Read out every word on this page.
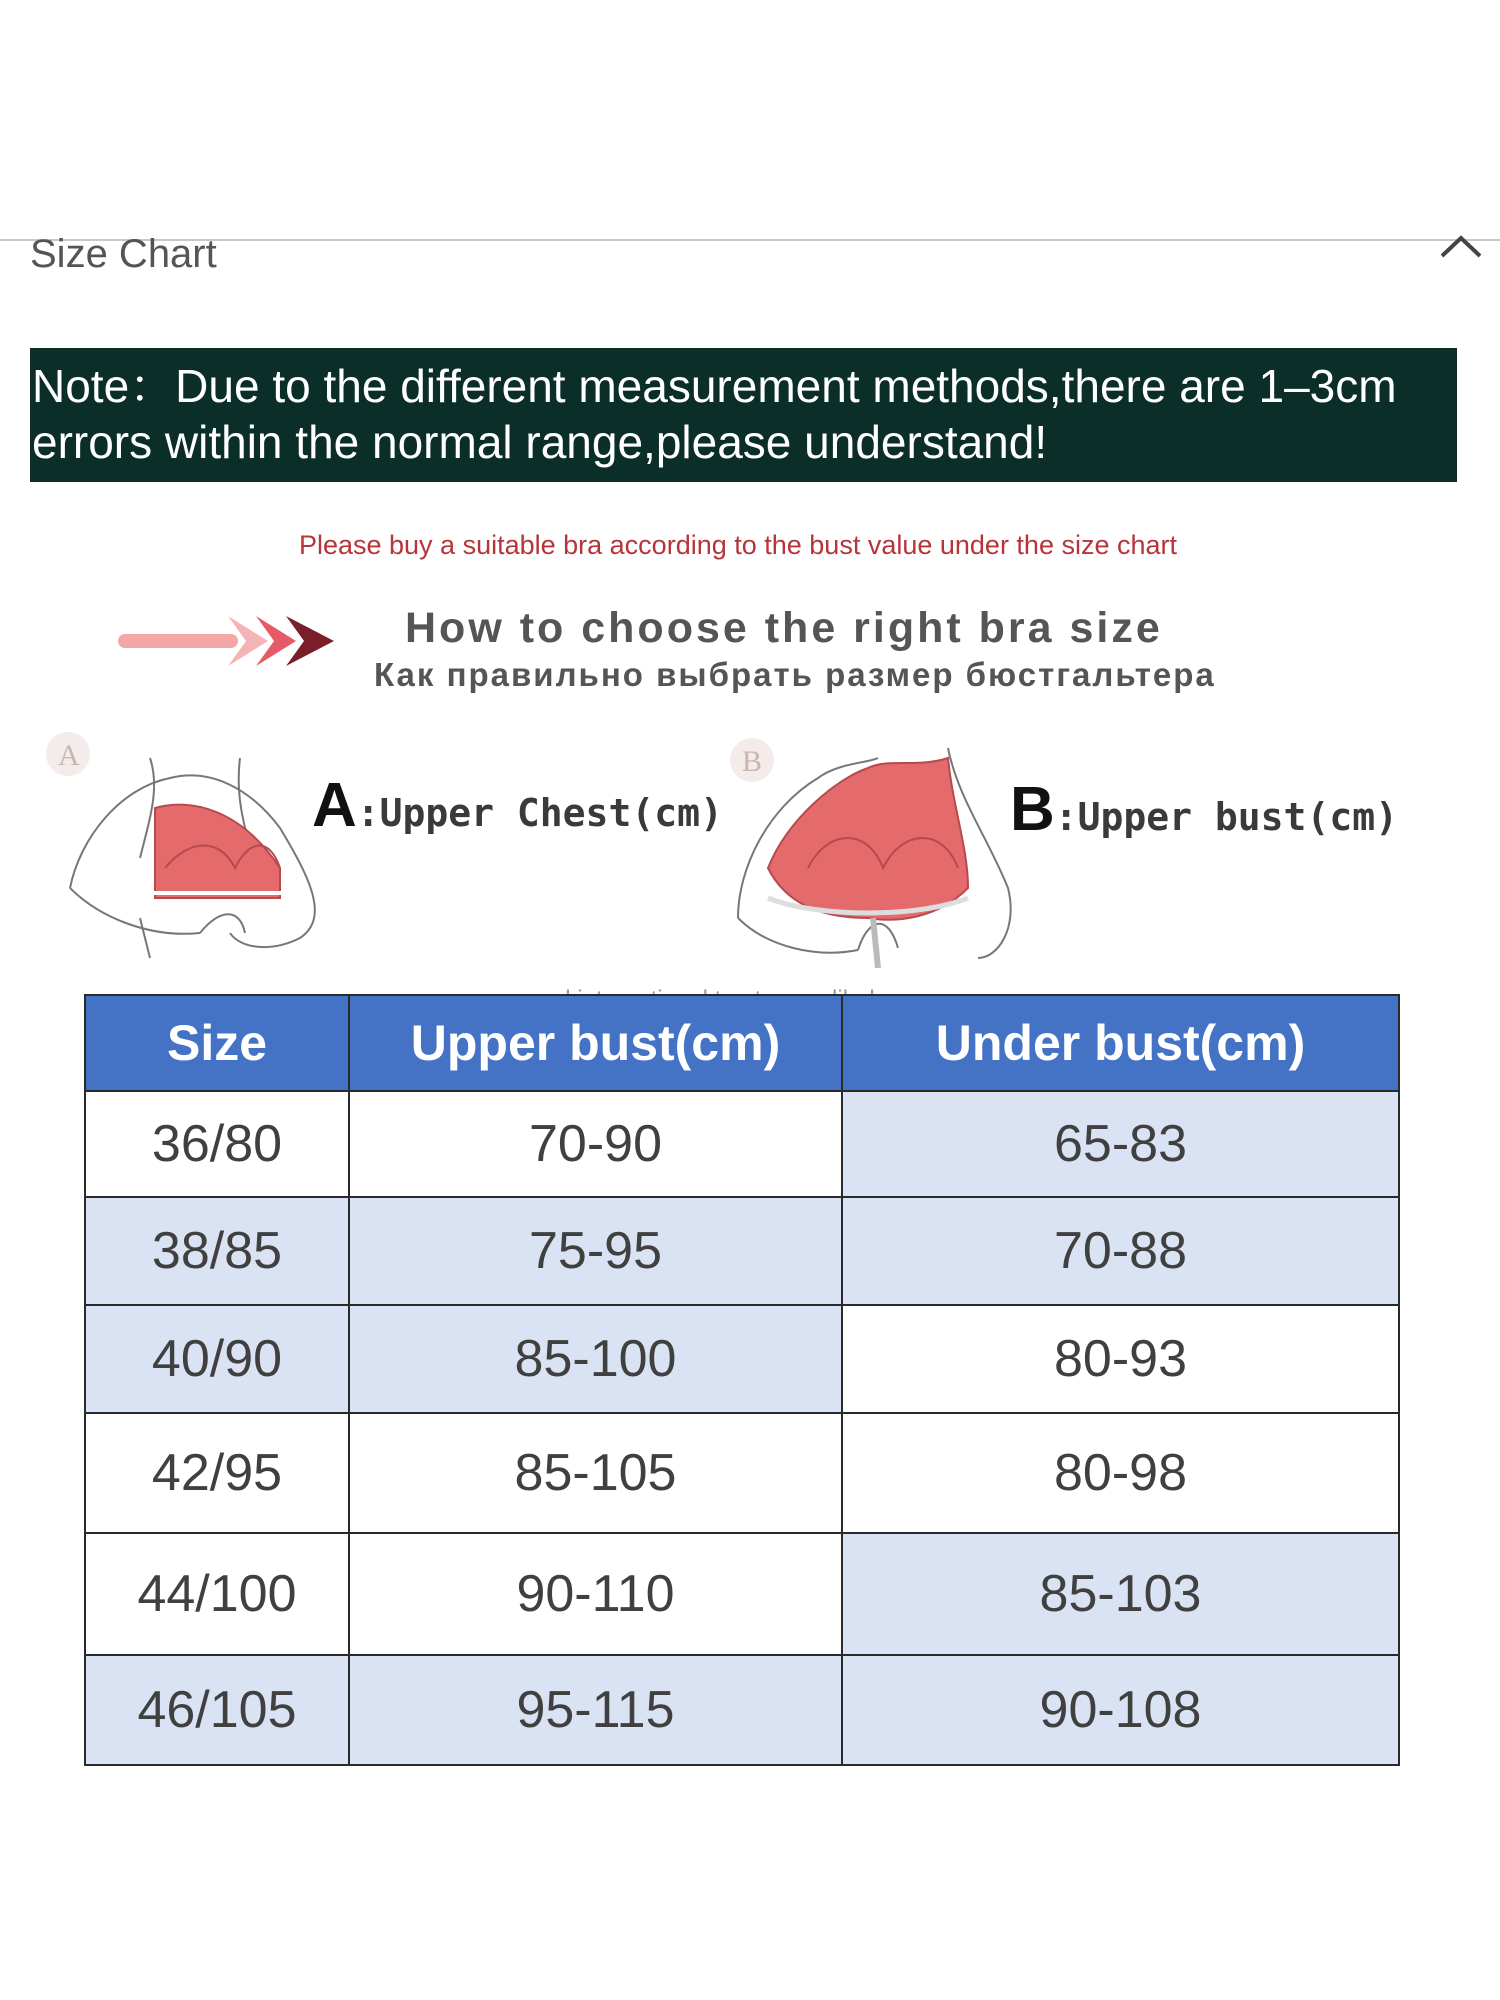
Size Chart
Note：Due to the different measurement methods,there are 1–3cm
errors within the normal range,please understand!
Please buy a suitable bra according to the bust value under the size chart
How to choose the right bra size
Как правильно выбрать размер бюстгальтера
A
A:Upper Chest(cm)
B
B:Upper bust(cm)
Size	Upper bust(cm)	Under bust(cm)
36/80	70-90	65-83
38/85	75-95	70-88
40/90	85-100	80-93
42/95	85-105	80-98
44/100	90-110	85-103
46/105	95-115	90-108
